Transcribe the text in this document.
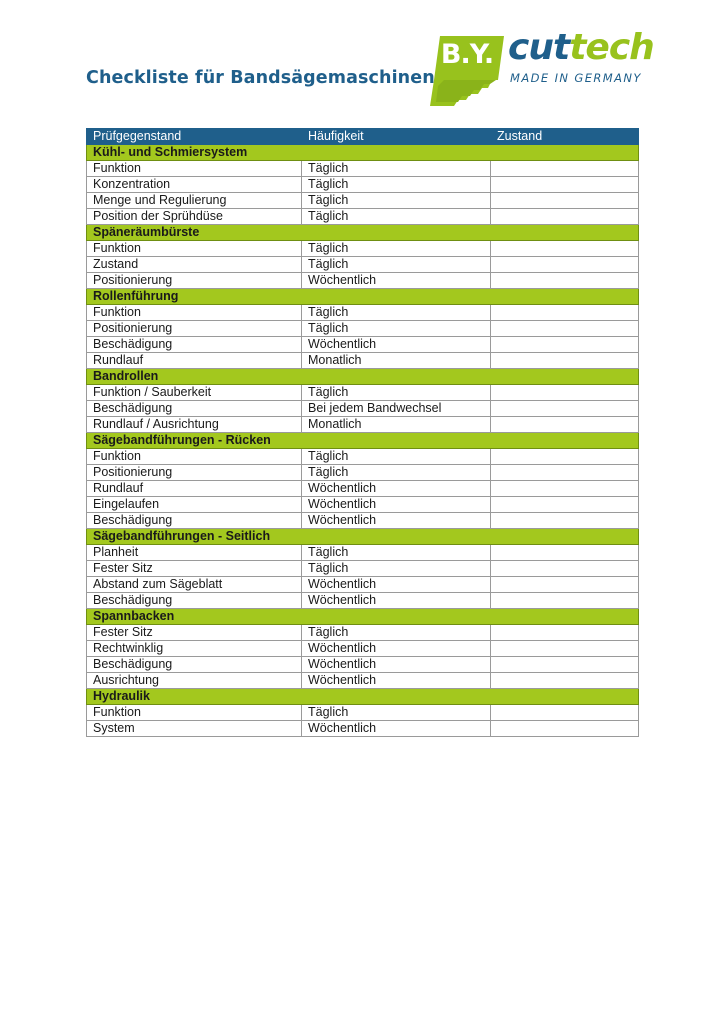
Checkliste für Bandsägemaschinen
B.Y. cuttech
MADE IN GERMANY
Prüfgegenstand	Häufigkeit	Zustand
Kühl- und Schmiersystem		
Funktion	Täglich	
Konzentration	Täglich	
Menge und Regulierung	Täglich	
Position der Sprühdüse	Täglich	
Späneräumbürste		
Funktion	Täglich	
Zustand	Täglich	
Positionierung	Wöchentlich	
Rollenführung		
Funktion	Täglich	
Positionierung	Täglich	
Beschädigung	Wöchentlich	
Rundlauf	Monatlich	
Bandrollen		
Funktion / Sauberkeit	Täglich	
Beschädigung	Bei jedem Bandwechsel	
Rundlauf / Ausrichtung	Monatlich	
Sägebandführungen - Rücken		
Funktion	Täglich	
Positionierung	Täglich	
Rundlauf	Wöchentlich	
Eingelaufen	Wöchentlich	
Beschädigung	Wöchentlich	
Sägebandführungen - Seitlich		
Planheit	Täglich	
Fester Sitz	Täglich	
Abstand zum Sägeblatt	Wöchentlich	
Beschädigung	Wöchentlich	
Spannbacken		
Fester Sitz	Täglich	
Rechtwinklig	Wöchentlich	
Beschädigung	Wöchentlich	
Ausrichtung	Wöchentlich	
Hydraulik		
Funktion	Täglich	
System	Wöchentlich	
